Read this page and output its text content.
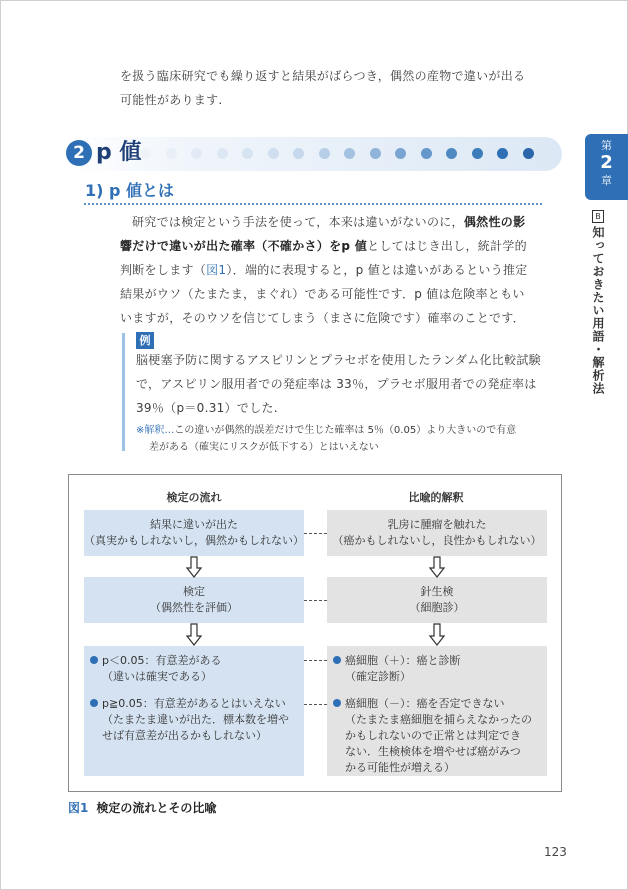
を扱う臨床研究でも繰り返すと結果がばらつき，偶然の産物で違いが出る
可能性があります.
2 p 値
1) p 値とは
研究では検定という手法を使って，本来は違いがないのに，偶然性の影
響だけで違いが出た確率（不確かさ）をp 値としてはじき出し，統計学的
判断をします（図1）．端的に表現すると，p 値とは違いがあるという推定
結果がウソ（たまたま，まぐれ）である可能性です．p 値は危険率ともい
いますが，そのウソを信じてしまう（まさに危険です）確率のことです．
例
脳梗塞予防に関するアスピリンとプラセボを使用したランダム化比較試験
で，アスピリン服用者での発症率は 33％，プラセボ服用者での発症率は
39％（p＝0.31）でした.
※解釈…この違いが偶然的誤差だけで生じた確率は 5％（0.05）より大きいので有意
差がある（確実にリスクが低下する）とはいえない
検定の流れ	比喩的解釈
結果に違いが出た
（真実かもしれないし，偶然かもしれない）
乳房に腫瘤を触れた
（癌かもしれないし，良性かもしれない）
検定
（偶然性を評価）
針生検
（細胞診）
p＜0.05：有意差がある
（違いは確実である）
p≧0.05：有意差があるとはいえない
（たまたま違いが出た．標本数を増や
せば有意差が出るかもしれない）
癌細胞（＋）：癌と診断
（確定診断）
癌細胞（－）：癌を否定できない
（たまたま癌細胞を捕らえなかったの
かもしれないので正常とは判定でき
ない．生検検体を増やせば癌がみつ
かる可能性が増える）
図1 検定の流れとその比喩
123
第
2
章
B
知っておきたい用語・解析法
